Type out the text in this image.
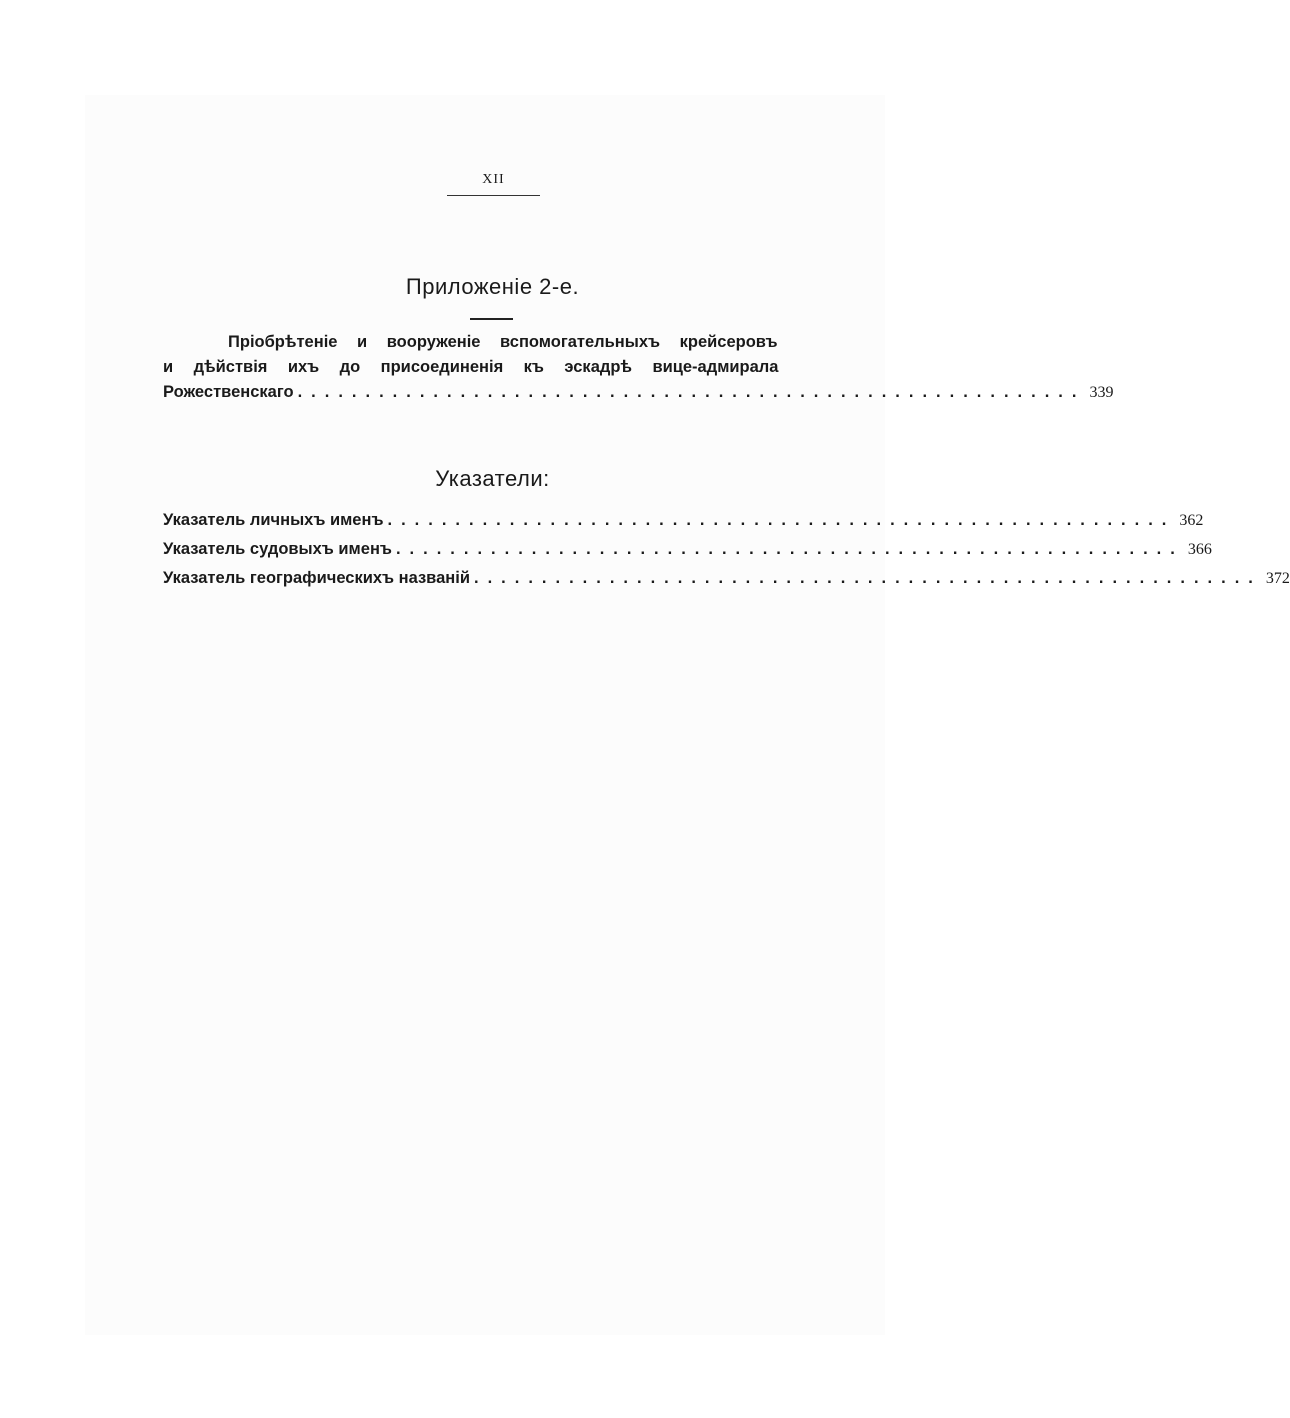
XII
Приложеніе 2-е.
Пріобрѣтеніе и вооруженіе вспомогательныхъ крейсеровъ
и дѣйствія ихъ до присоединенія къ эскадрѣ вице-адмирала
Рожественскаго .......................................................... 339
Указатели:
Указатель личныхъ именъ .......................................................... 362
Указатель судовыхъ именъ .......................................................... 366
Указатель географическихъ названій .......................................................... 372
